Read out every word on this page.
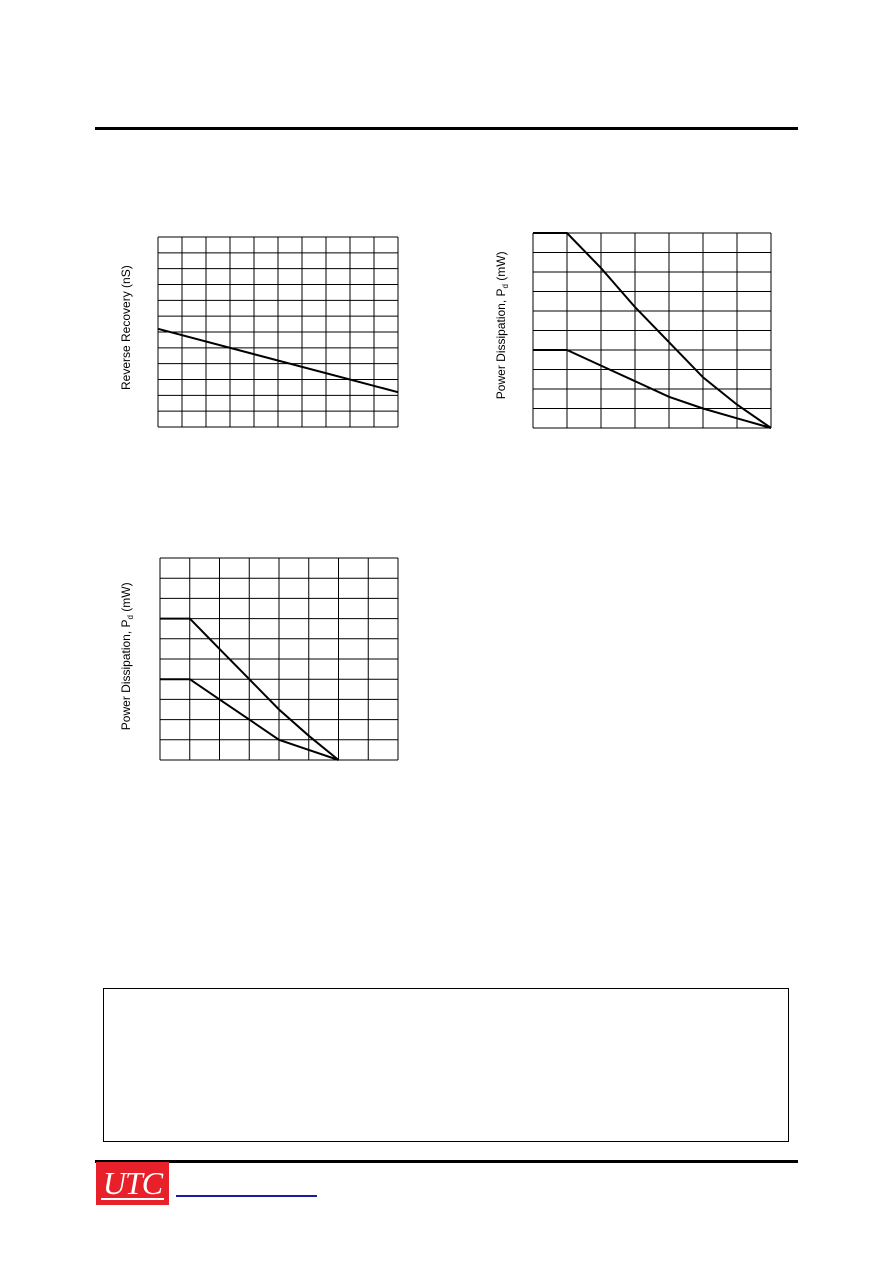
Reverse Recovery (nS)	Power Dissipation, $P_d$ (mW)
Power Dissipation, $P_d$ (mW)
UTC
